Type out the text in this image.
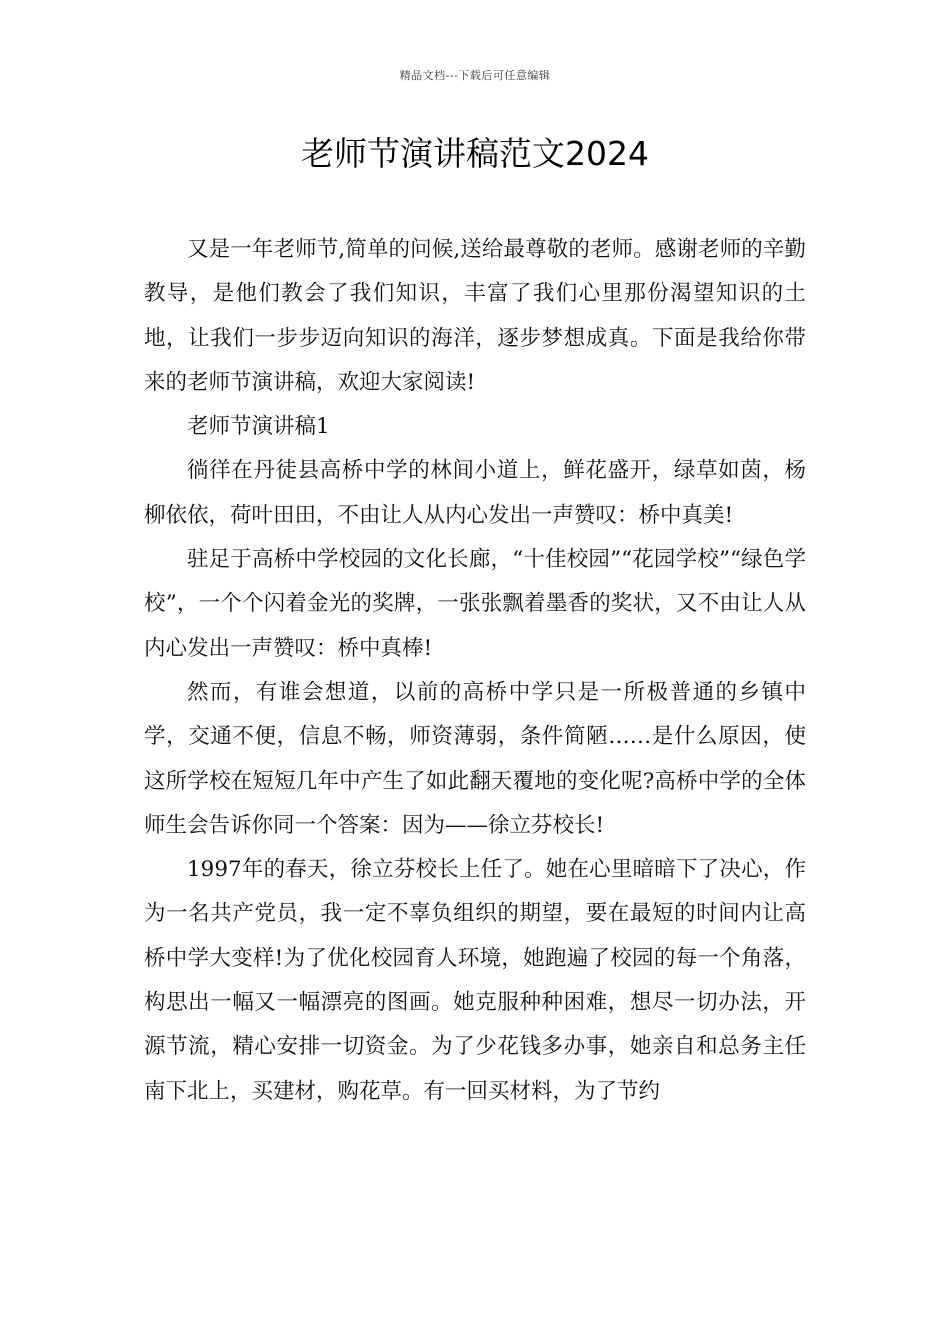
精品文档---下载后可任意编辑
老师节演讲稿范文2024

又是一年老师节,简单的问候,送给最尊敬的老师。感谢老师的辛勤教导，是他们教会了我们知识，丰富了我们心里那份渴望知识的土地，让我们一步步迈向知识的海洋，逐步梦想成真。下面是我给你带来的老师节演讲稿，欢迎大家阅读!

老师节演讲稿1

徜徉在丹徒县高桥中学的林间小道上，鲜花盛开，绿草如茵，杨柳依依，荷叶田田，不由让人从内心发出一声赞叹：桥中真美!

驻足于高桥中学校园的文化长廊，“十佳校园”“花园学校”“绿色学校”，一个个闪着金光的奖牌，一张张飘着墨香的奖状，又不由让人从内心发出一声赞叹：桥中真棒!

然而，有谁会想道，以前的高桥中学只是一所极普通的乡镇中学，交通不便，信息不畅，师资薄弱，条件简陋……是什么原因，使这所学校在短短几年中产生了如此翻天覆地的变化呢?高桥中学的全体师生会告诉你同一个答案：因为——徐立芬校长!

1997年的春天，徐立芬校长上任了。她在心里暗暗下了决心，作为一名共产党员，我一定不辜负组织的期望，要在最短的时间内让高桥中学大变样!为了优化校园育人环境，她跑遍了校园的每一个角落，构思出一幅又一幅漂亮的图画。她克服种种困难，想尽一切办法，开源节流，精心安排一切资金。为了少花钱多办事，她亲自和总务主任南下北上，买建材，购花草。有一回买材料，为了节约
